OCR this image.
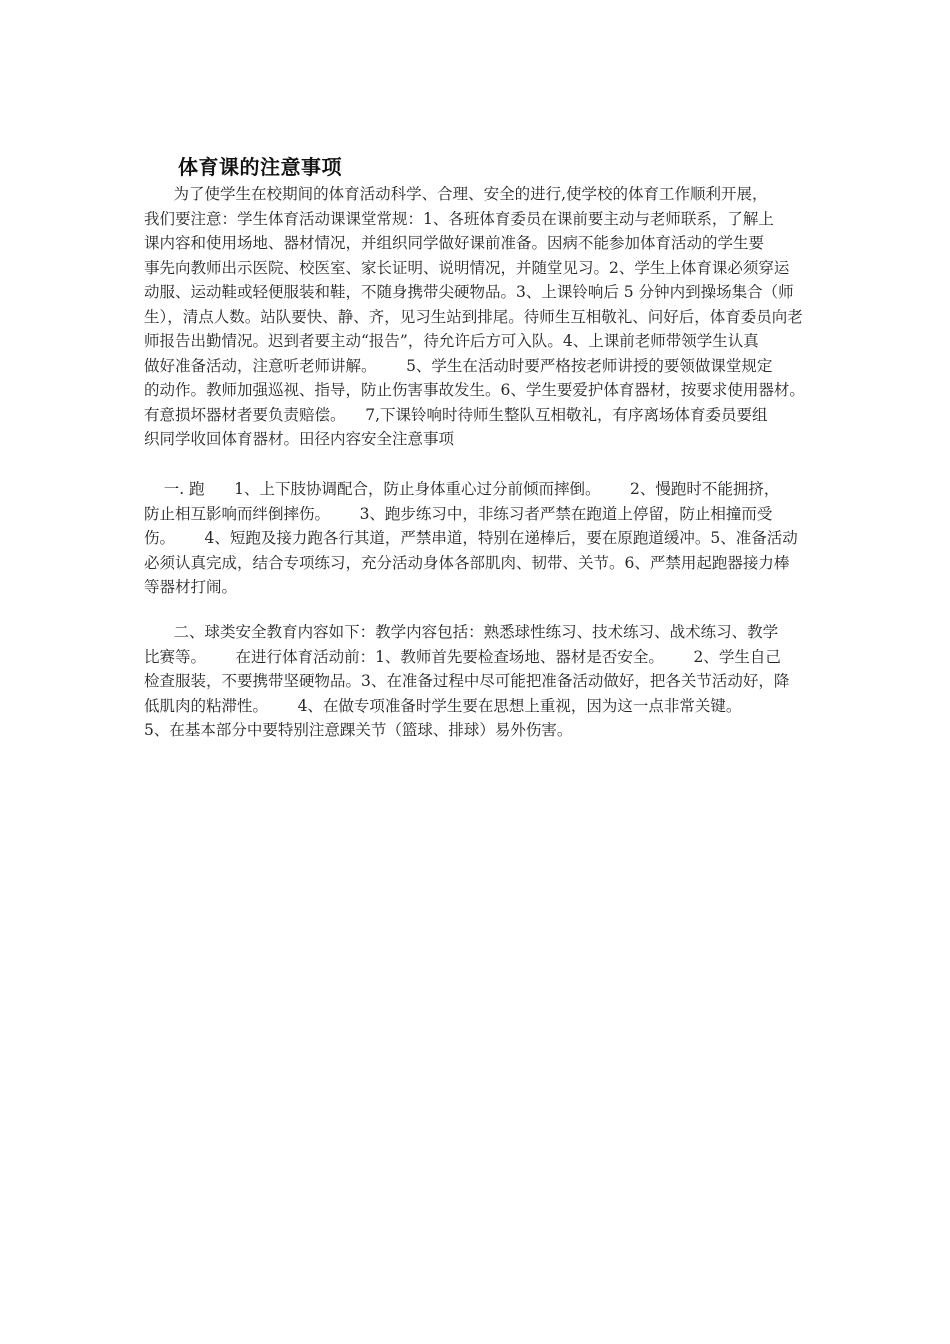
体育课的注意事项
为了使学生在校期间的体育活动科学、合理、安全的进行,使学校的体育工作顺利开展，
我们要注意：学生体育活动课课堂常规：1、各班体育委员在课前要主动与老师联系，了解上
课内容和使用场地、器材情况，并组织同学做好课前准备。因病不能参加体育活动的学生要
事先向教师出示医院、校医室、家长证明、说明情况，并随堂见习。2、学生上体育课必须穿运
动服、运动鞋或轻便服装和鞋，不随身携带尖硬物品。3、上课铃响后 5 分钟内到操场集合（师
生），清点人数。站队要快、静、齐，见习生站到排尾。待师生互相敬礼、问好后，体育委员向老
师报告出勤情况。迟到者要主动“报告”，待允许后方可入队。4、上课前老师带领学生认真
做好准备活动，注意听老师讲解。      5、学生在活动时要严格按老师讲授的要领做课堂规定
的动作。教师加强巡视、指导，防止伤害事故发生。6、学生要爱护体育器材，按要求使用器材。
有意损坏器材者要负责赔偿。    7,下课铃响时待师生整队互相敬礼，有序离场体育委员要组
织同学收回体育器材。田径内容安全注意事项
一. 跑      1、上下肢协调配合，防止身体重心过分前倾而摔倒。      2、慢跑时不能拥挤，
防止相互影响而绊倒摔伤。      3、跑步练习中，非练习者严禁在跑道上停留，防止相撞而受
伤。      4、短跑及接力跑各行其道，严禁串道，特别在递棒后，要在原跑道缓冲。5、准备活动
必须认真完成，结合专项练习，充分活动身体各部肌肉、韧带、关节。6、严禁用起跑器接力棒
等器材打闹。
二、球类安全教育内容如下：教学内容包括：熟悉球性练习、技术练习、战术练习、教学
比赛等。      在进行体育活动前：1、教师首先要检查场地、器材是否安全。      2、学生自己
检查服装，不要携带坚硬物品。3、在准备过程中尽可能把准备活动做好，把各关节活动好，降
低肌肉的粘滞性。      4、在做专项准备时学生要在思想上重视，因为这一点非常关键。
5、在基本部分中要特别注意踝关节（篮球、排球）易外伤害。
